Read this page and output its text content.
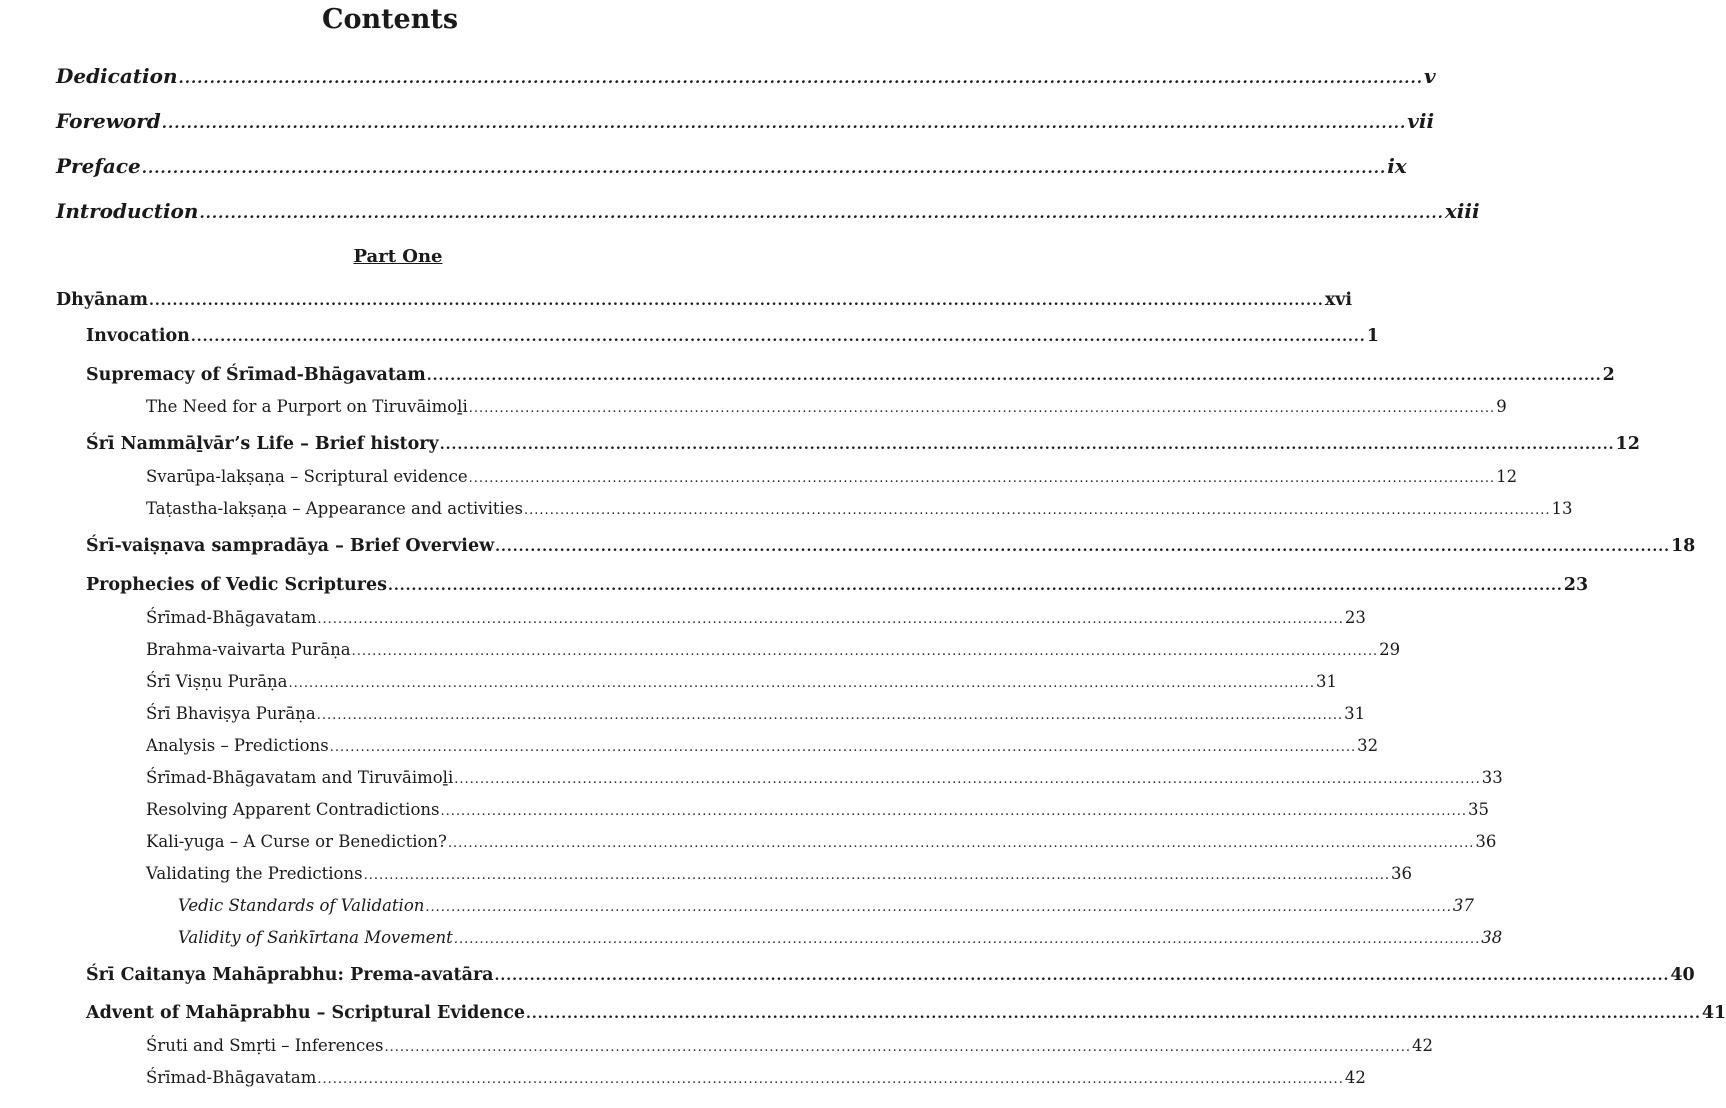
Contents
Part One
Dedication ........................................................................................................................................................................................................ v
Foreword ........................................................................................................................................................................................................ vii
Preface ........................................................................................................................................................................................................ ix
Introduction ........................................................................................................................................................................................................ xiii
Dhyānam ........................................................................................................................................................................................................ xvi
Invocation ........................................................................................................................................................................................................ 1
Supremacy of Śrīmad-Bhāgavatam ........................................................................................................................................................................................................ 2
The Need for a Purport on Tiruvāimoḻi ........................................................................................................................................................................................................ 9
Śrī Nammāḻvār’s Life – Brief history ........................................................................................................................................................................................................ 12
Svarūpa-lakṣaṇa – Scriptural evidence ........................................................................................................................................................................................................ 12
Taṭastha-lakṣaṇa – Appearance and activities ........................................................................................................................................................................................................ 13
Śrī-vaiṣṇava sampradāya – Brief Overview ........................................................................................................................................................................................................ 18
Prophecies of Vedic Scriptures ........................................................................................................................................................................................................ 23
Śrīmad-Bhāgavatam ........................................................................................................................................................................................................ 23
Brahma-vaivarta Purāṇa ........................................................................................................................................................................................................ 29
Śrī Viṣṇu Purāṇa ........................................................................................................................................................................................................ 31
Śrī Bhaviṣya Purāṇa ........................................................................................................................................................................................................ 31
Analysis – Predictions ........................................................................................................................................................................................................ 32
Śrīmad-Bhāgavatam and Tiruvāimoḻi ........................................................................................................................................................................................................ 33
Resolving Apparent Contradictions ........................................................................................................................................................................................................ 35
Kali-yuga – A Curse or Benediction? ........................................................................................................................................................................................................ 36
Validating the Predictions ........................................................................................................................................................................................................ 36
Vedic Standards of Validation ........................................................................................................................................................................................................ 37
Validity of Saṅkīrtana Movement ........................................................................................................................................................................................................ 38
Śrī Caitanya Mahāprabhu: Prema-avatāra ........................................................................................................................................................................................................ 40
Advent of Mahāprabhu – Scriptural Evidence ........................................................................................................................................................................................................ 41
Śruti and Smṛti – Inferences ........................................................................................................................................................................................................ 42
Śrīmad-Bhāgavatam ........................................................................................................................................................................................................ 42
